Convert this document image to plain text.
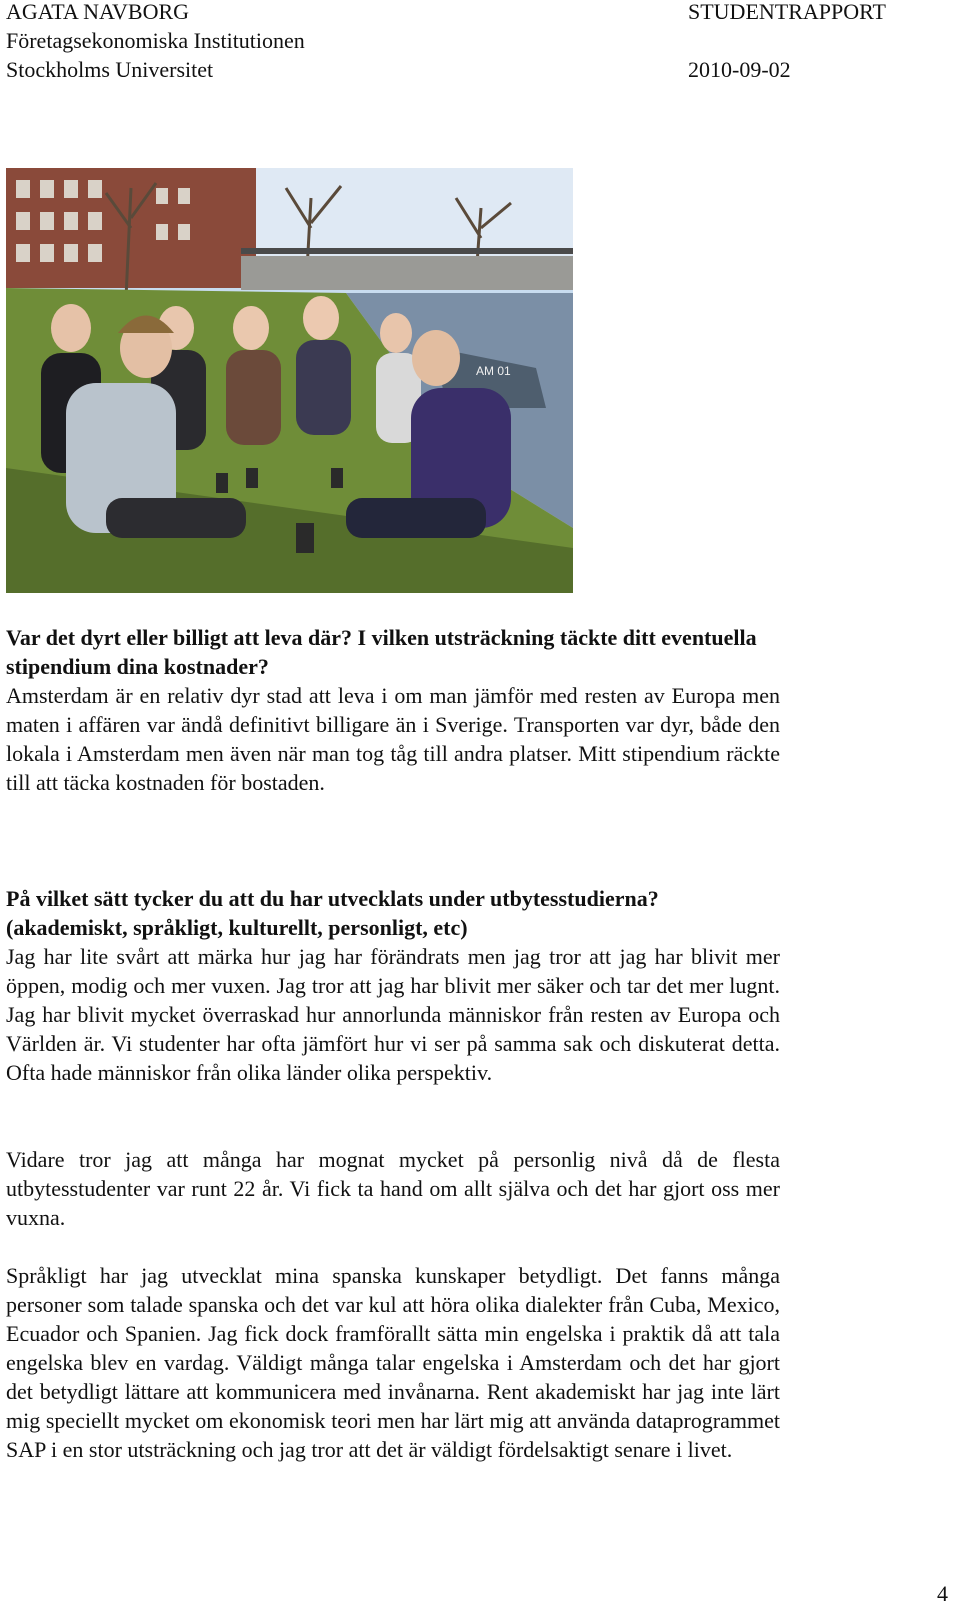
AGATA NAVBORG
Företagsekonomiska Institutionen
Stockholms Universitet
STUDENTRAPPORT
2010-09-02
AM 01

Var det dyrt eller billigt att leva där? I vilken utsträckning täckte ditt eventuella stipendium dina kostnader?

Amsterdam är en relativ dyr stad att leva i om man jämför med resten av Europa men maten i affären var ändå definitivt billigare än i Sverige. Transporten var dyr, både den lokala i Amsterdam men även när man tog tåg till andra platser. Mitt stipendium räckte till att täcka kostnaden för bostaden.

På vilket sätt tycker du att du har utvecklats under utbytesstudierna? (akademiskt, språkligt, kulturellt, personligt, etc)

Jag har lite svårt att märka hur jag har förändrats men jag tror att jag har blivit mer öppen, modig och mer vuxen. Jag tror att jag har blivit mer säker och tar det mer lugnt. Jag har blivit mycket överraskad hur annorlunda människor från resten av Europa och Världen är. Vi studenter har ofta jämfört hur vi ser på samma sak och diskuterat detta. Ofta hade människor från olika länder olika perspektiv.

Vidare tror jag att många har mognat mycket på personlig nivå då de flesta utbytesstudenter var runt 22 år. Vi fick ta hand om allt själva och det har gjort oss mer vuxna.

Språkligt har jag utvecklat mina spanska kunskaper betydligt. Det fanns många personer som talade spanska och det var kul att höra olika dialekter från Cuba, Mexico, Ecuador och Spanien. Jag fick dock framförallt sätta min engelska i praktik då att tala engelska blev en vardag. Väldigt många talar engelska i Amsterdam och det har gjort det betydligt lättare att kommunicera med invånarna. Rent akademiskt har jag inte lärt mig speciellt mycket om ekonomisk teori men har lärt mig att använda dataprogrammet SAP i en stor utsträckning och jag tror att det är väldigt fördelsaktigt senare i livet.

4
